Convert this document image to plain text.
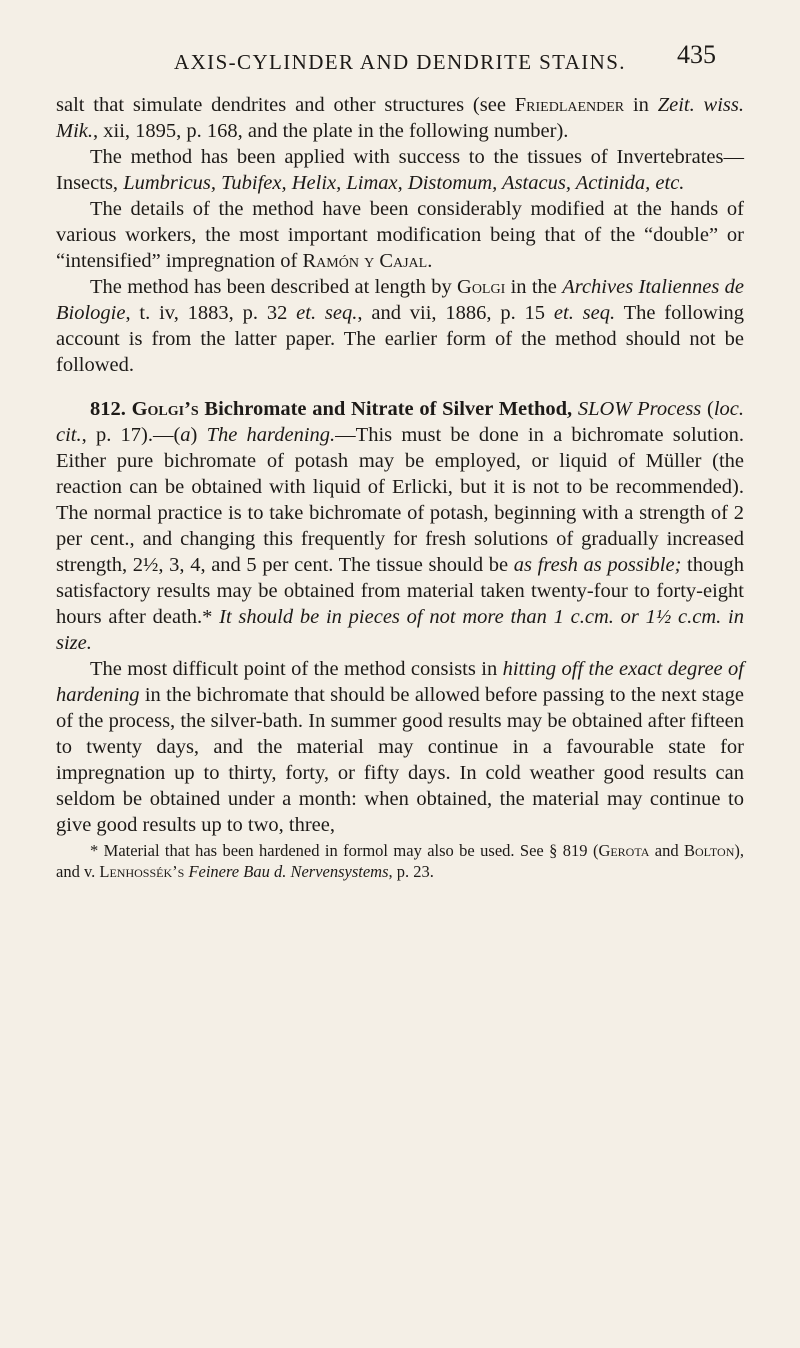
AXIS-CYLINDER AND DENDRITE STAINS.	435

salt that simulate dendrites and other structures (see Friedlaender in Zeit. wiss. Mik., xii, 1895, p. 168, and the plate in the following number).

The method has been applied with success to the tissues of Invertebrates—Insects, Lumbricus, Tubifex, Helix, Limax, Distomum, Astacus, Actinida, etc.

The details of the method have been considerably modified at the hands of various workers, the most important modification being that of the “double” or “intensified” impregnation of Ramón y Cajal.

The method has been described at length by Golgi in the Archives Italiennes de Biologie, t. iv, 1883, p. 32 et. seq., and vii, 1886, p. 15 et. seq. The following account is from the latter paper. The earlier form of the method should not be followed.

812. Golgi’s Bichromate and Nitrate of Silver Method, SLOW Process (loc. cit., p. 17).—(a) The hardening.—This must be done in a bichromate solution. Either pure bichromate of potash may be employed, or liquid of Müller (the reaction can be obtained with liquid of Erlicki, but it is not to be recommended). The normal practice is to take bichromate of potash, beginning with a strength of 2 per cent., and changing this frequently for fresh solutions of gradually increased strength, 2½, 3, 4, and 5 per cent. The tissue should be as fresh as possible; though satisfactory results may be obtained from material taken twenty-four to forty-eight hours after death.* It should be in pieces of not more than 1 c.cm. or 1½ c.cm. in size.

The most difficult point of the method consists in hitting off the exact degree of hardening in the bichromate that should be allowed before passing to the next stage of the process, the silver-bath. In summer good results may be obtained after fifteen to twenty days, and the material may continue in a favourable state for impregnation up to thirty, forty, or fifty days. In cold weather good results can seldom be obtained under a month: when obtained, the material may continue to give good results up to two, three,

* Material that has been hardened in formol may also be used. See § 819 (Gerota and Bolton), and v. Lenhossék’s Feinere Bau d. Nervensystems, p. 23.
